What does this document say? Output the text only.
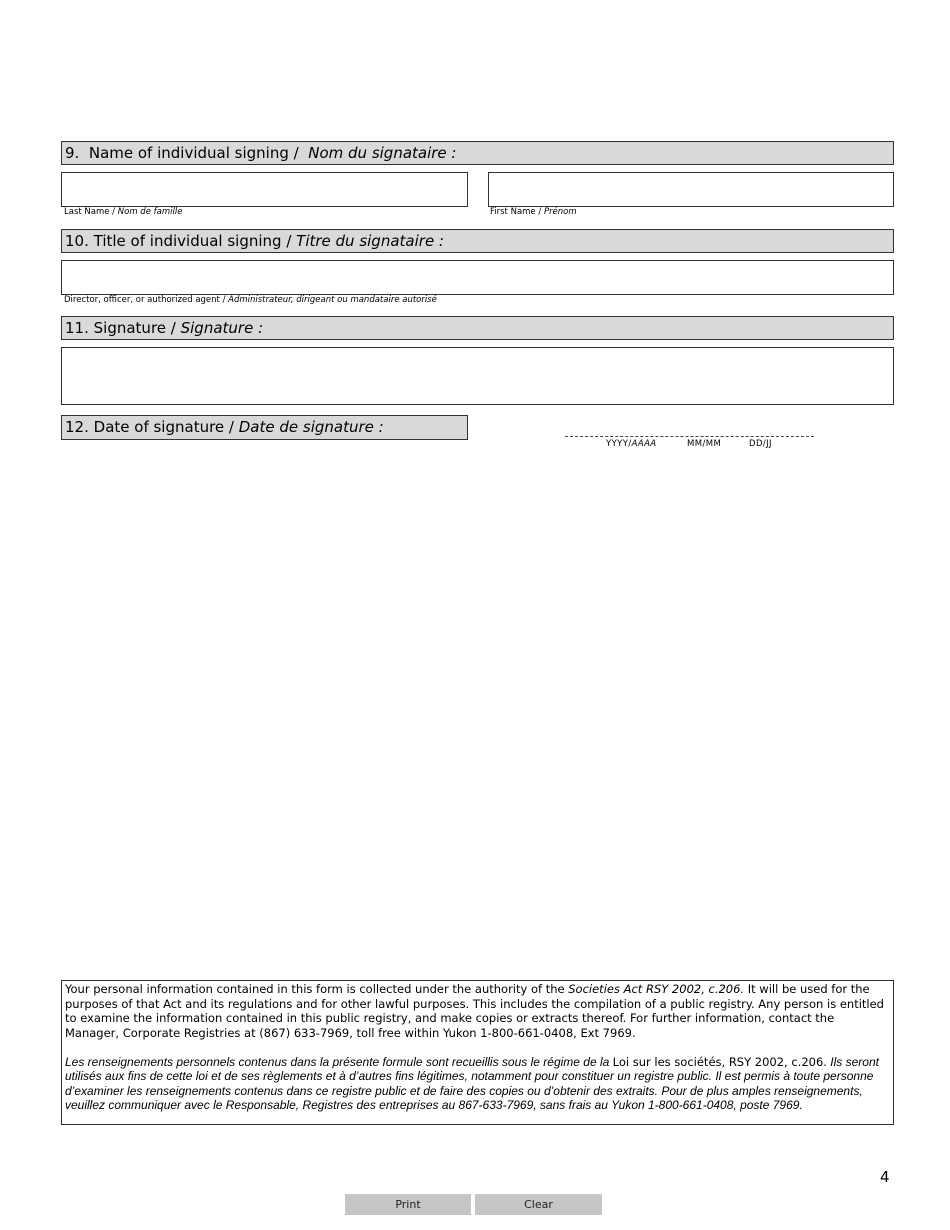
9. Name of individual signing / Nom du signataire :
Last Name / Nom de famille	First Name / Prénom
10. Title of individual signing / Titre du signataire :
Director, officer, or authorized agent / Administrateur, dirigeant ou mandataire autorisé
11. Signature / Signature :
12. Date of signature / Date de signature :
YYYY/AAAA	MM/MM	DD/JJ

Your personal information contained in this form is collected under the authority of the Societies Act RSY 2002, c.206. It will be used for the purposes of that Act and its regulations and for other lawful purposes. This includes the compilation of a public registry. Any person is entitled to examine the information contained in this public registry, and make copies or extracts thereof. For further information, contact the Manager, Corporate Registries at (867) 633-7969, toll free within Yukon 1-800-661-0408, Ext 7969.

Les renseignements personnels contenus dans la présente formule sont recueillis sous le régime de la Loi sur les sociétés, RSY 2002, c.206. Ils seront utilisés aux fins de cette loi et de ses règlements et à d’autres fins légitimes, notamment pour constituer un registre public. Il est permis à toute personne d’examiner les renseignements contenus dans ce registre public et de faire des copies ou d’obtenir des extraits. Pour de plus amples renseignements, veuillez communiquer avec le Responsable, Registres des entreprises au 867-633-7969, sans frais au Yukon 1-800-661-0408, poste 7969.

4
Print	Clear
